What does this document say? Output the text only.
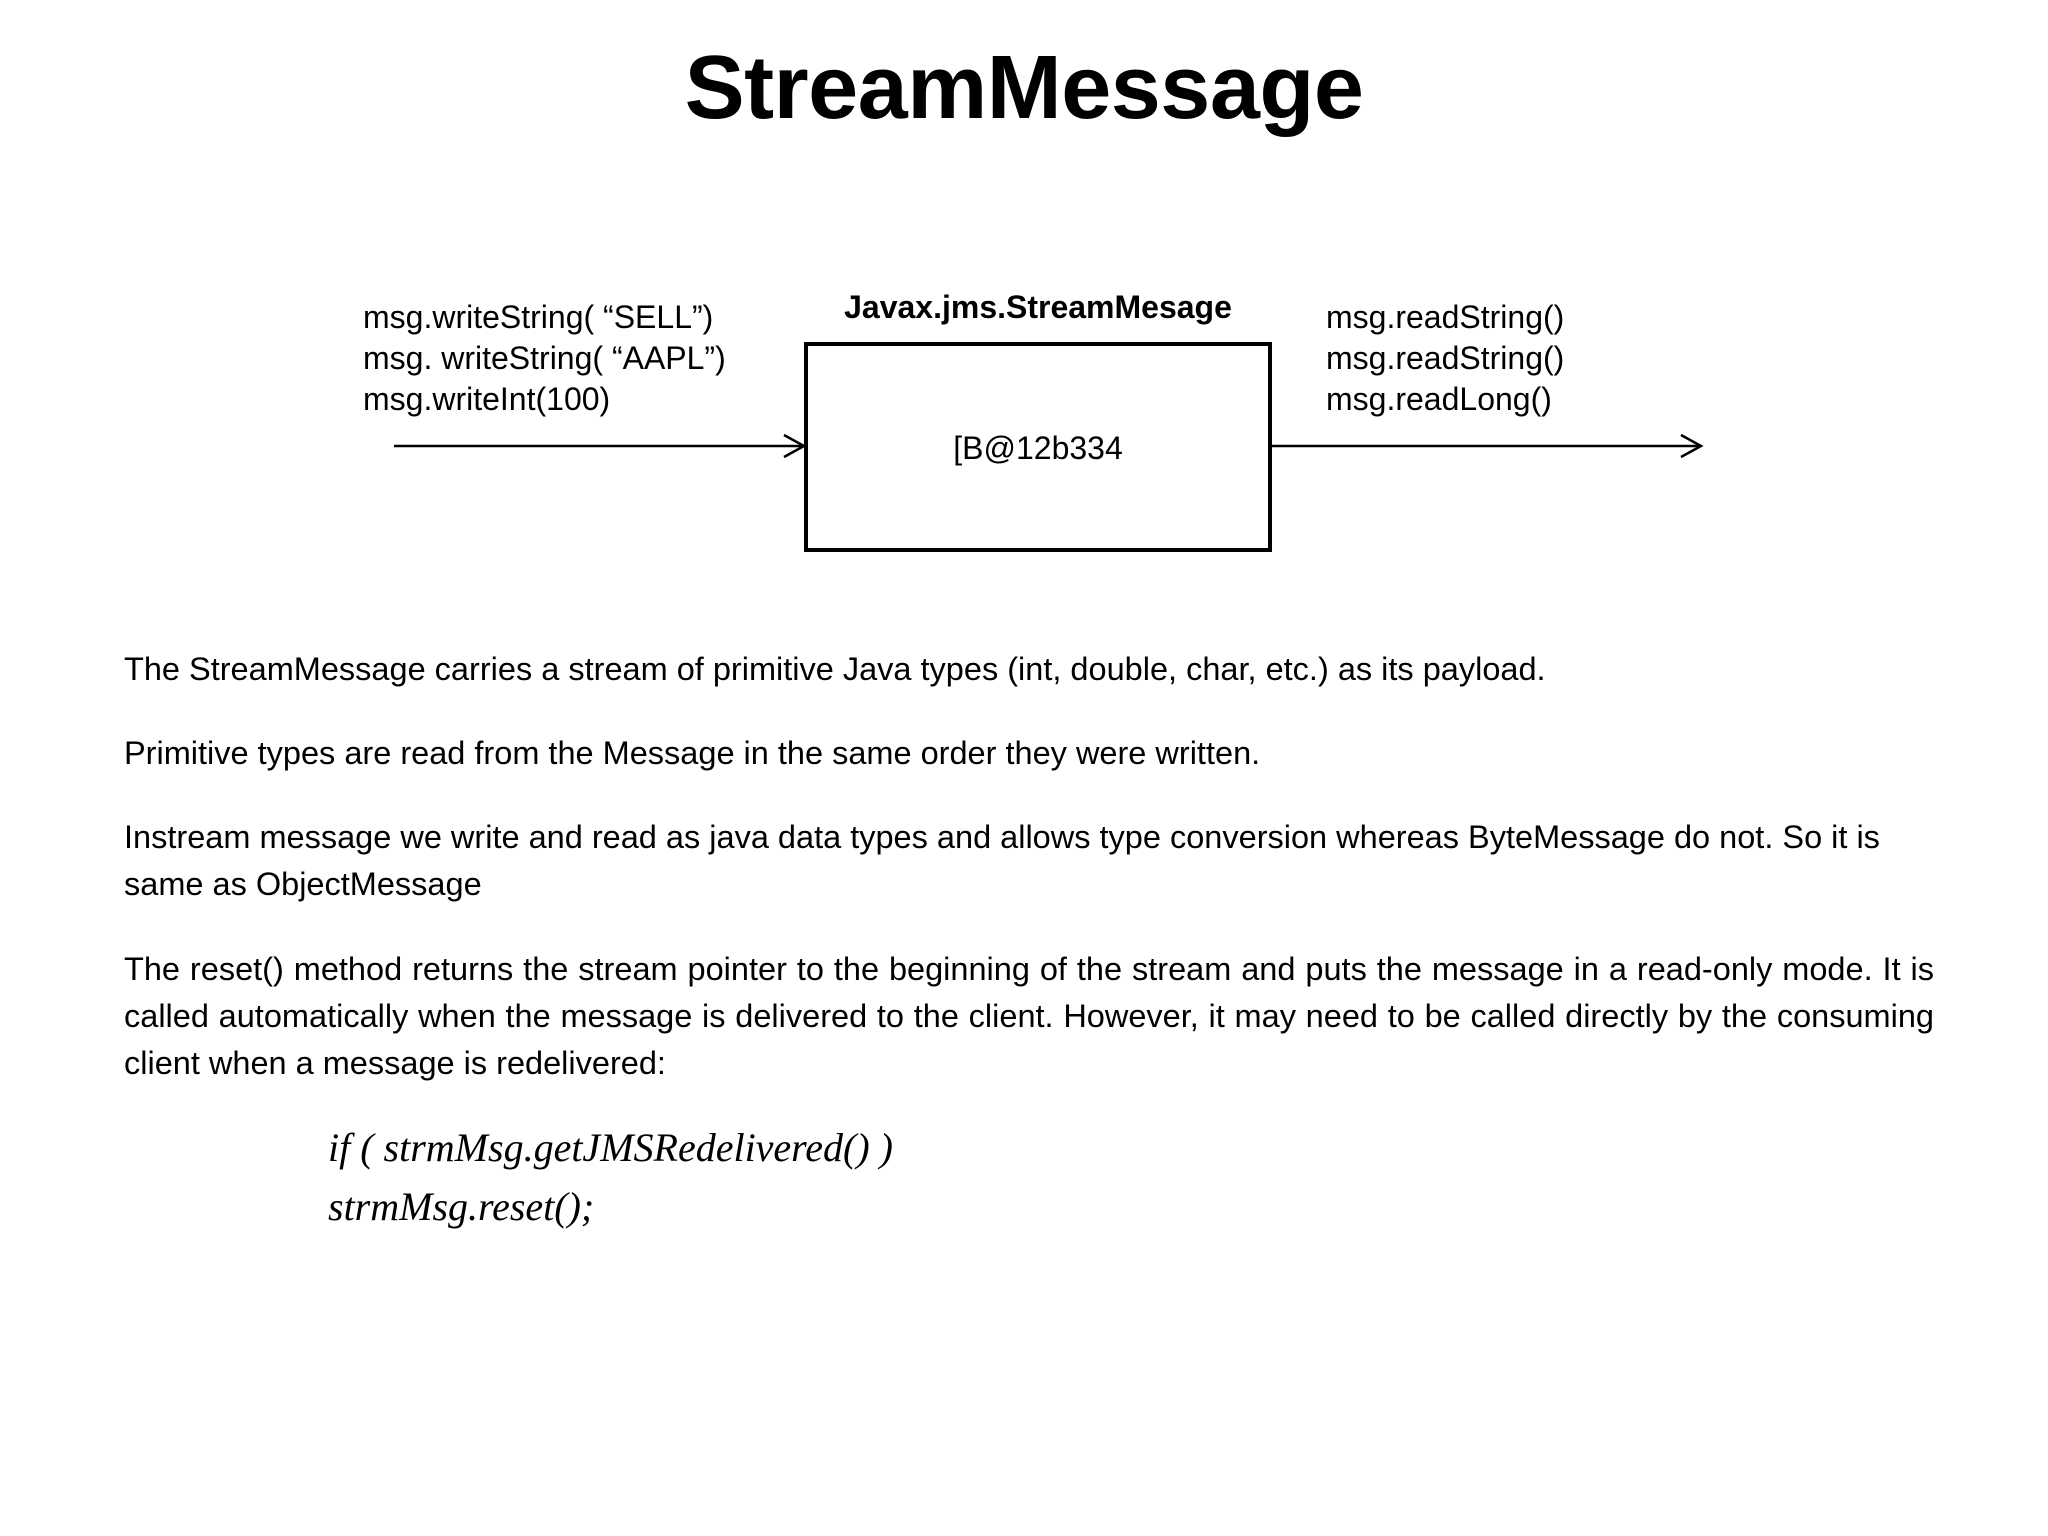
StreamMessage
msg.writeString( “SELL”)
msg. writeString( “AAPL”)
msg.writeInt(100)
Javax.jms.StreamMesage
[B@12b334
msg.readString()
msg.readString()
msg.readLong()
The StreamMessage carries a stream of primitive Java types (int, double, char, etc.) as its payload.
Primitive types are read from the Message in the same order they were written.
Instream message we write and read as java data types and allows type conversion whereas ByteMessage do not. So it is same as ObjectMessage
The reset() method returns the stream pointer to the beginning of the stream and puts the message in a read-only mode. It is called automatically when the message is delivered to the client. However, it may need to be called directly by the consuming client when a message is redelivered:
if ( strmMsg.getJMSRedelivered() )
strmMsg.reset();
